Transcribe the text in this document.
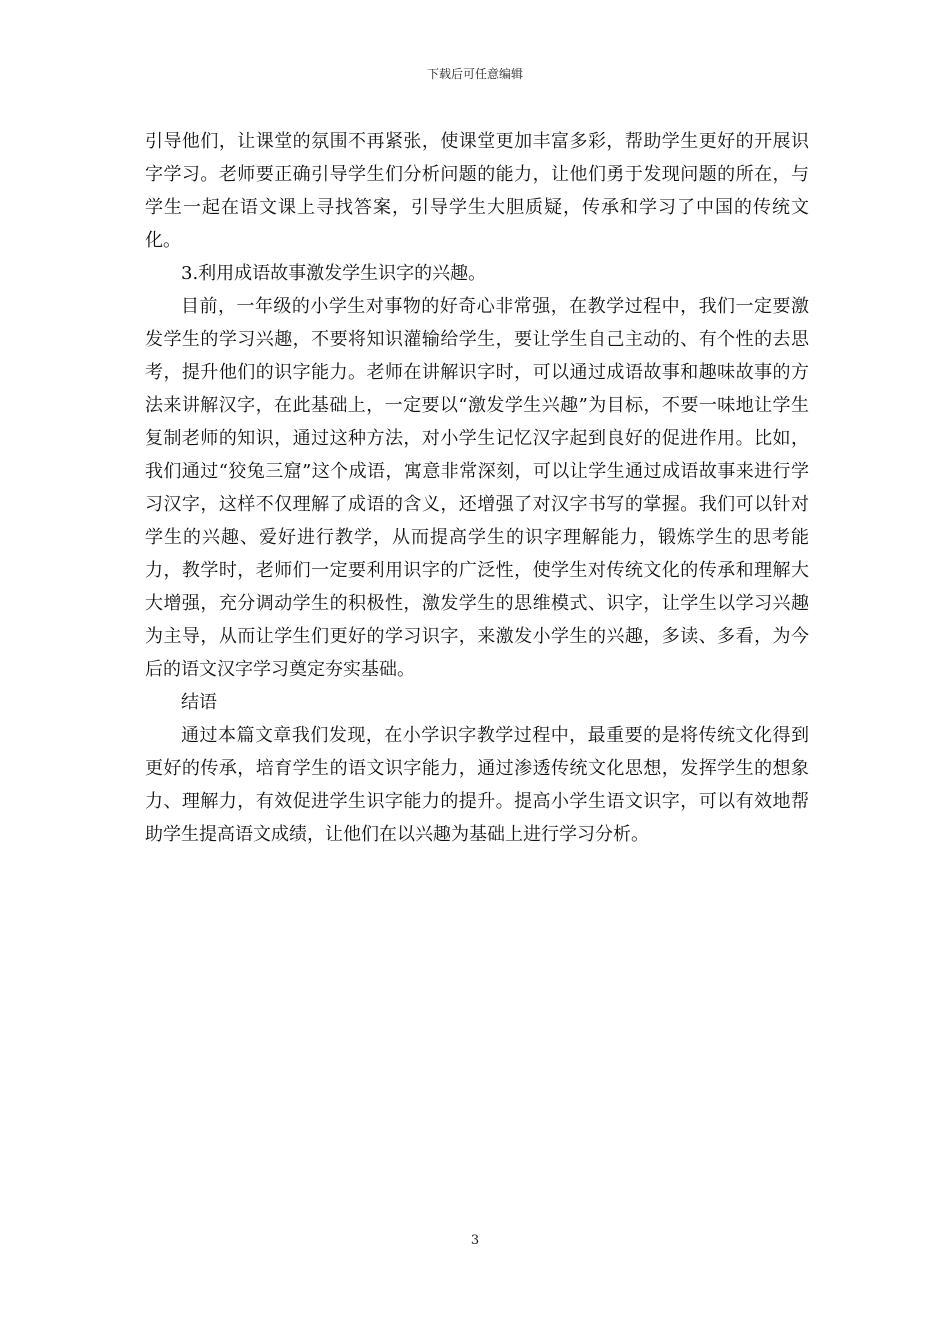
下载后可任意编辑

引导他们，让课堂的氛围不再紧张，使课堂更加丰富多彩，帮助学生更好的开展识字学习。老师要正确引导学生们分析问题的能力，让他们勇于发现问题的所在，与学生一起在语文课上寻找答案，引导学生大胆质疑，传承和学习了中国的传统文化。

3.利用成语故事激发学生识字的兴趣。

目前，一年级的小学生对事物的好奇心非常强，在教学过程中，我们一定要激发学生的学习兴趣，不要将知识灌输给学生，要让学生自己主动的、有个性的去思考，提升他们的识字能力。老师在讲解识字时，可以通过成语故事和趣味故事的方法来讲解汉字，在此基础上，一定要以“激发学生兴趣”为目标，不要一味地让学生复制老师的知识，通过这种方法，对小学生记忆汉字起到良好的促进作用。比如，我们通过“狡兔三窟”这个成语，寓意非常深刻，可以让学生通过成语故事来进行学习汉字，这样不仅理解了成语的含义，还增强了对汉字书写的掌握。我们可以针对学生的兴趣、爱好进行教学，从而提高学生的识字理解能力，锻炼学生的思考能力，教学时，老师们一定要利用识字的广泛性，使学生对传统文化的传承和理解大大增强，充分调动学生的积极性，激发学生的思维模式、识字，让学生以学习兴趣为主导，从而让学生们更好的学习识字，来激发小学生的兴趣，多读、多看，为今后的语文汉字学习奠定夯实基础。

结语

通过本篇文章我们发现，在小学识字教学过程中，最重要的是将传统文化得到更好的传承，培育学生的语文识字能力，通过渗透传统文化思想，发挥学生的想象力、理解力，有效促进学生识字能力的提升。提高小学生语文识字，可以有效地帮助学生提高语文成绩，让他们在以兴趣为基础上进行学习分析。

3
